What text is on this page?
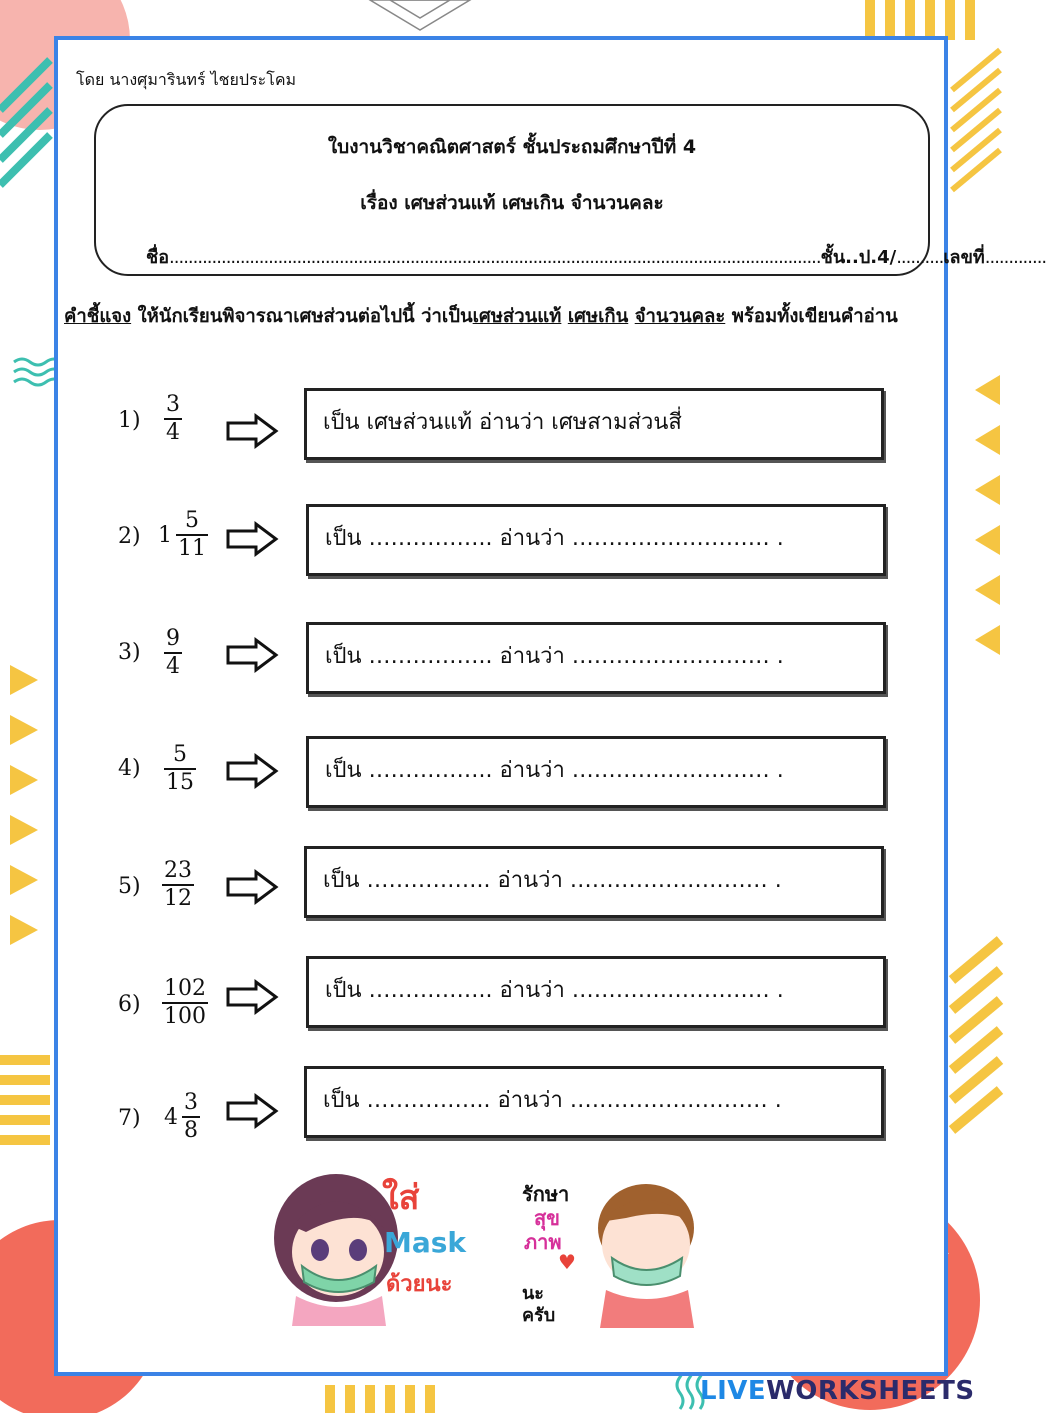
โดย นางศุมารินทร์ ไชยประโคม
ใบงานวิชาคณิตศาสตร์ ชั้นประถมศึกษาปีที่ 4
เรื่อง เศษส่วนแท้ เศษเกิน จำนวนคละ
ชื่อ..........................................................................................................................................ชั้น..ป.4/..........เลขที่.............
คำชี้แจง ให้นักเรียนพิจารณาเศษส่วนต่อไปนี้ ว่าเป็นเศษส่วนแท้ เศษเกิน จำนวนคละ พร้อมทั้งเขียนคำอ่าน
$1) \frac{3}{4}$	เป็น เศษส่วนแท้ อ่านว่า เศษสามส่วนสี่
2) $1 \frac{5}{11}$	เป็น …………….. อ่านว่า ……………………… .
$3) \frac{9}{4}$	เป็น …………….. อ่านว่า ……………………… .
$4) \frac{5}{15}$	เป็น …………….. อ่านว่า ……………………… .
$5) \frac{23}{12}$	เป็น …………….. อ่านว่า ……………………… .
$6) \frac{102}{100}$	เป็น …………….. อ่านว่า ……………………… .
7) $4 \frac{3}{8}$	เป็น …………….. อ่านว่า ……………………… .
ใส่
Mask
ด้วยนะ
รักษา
สุข
ภาพ
♥
นะ
ครับ
LIVEWORKSHEETS
